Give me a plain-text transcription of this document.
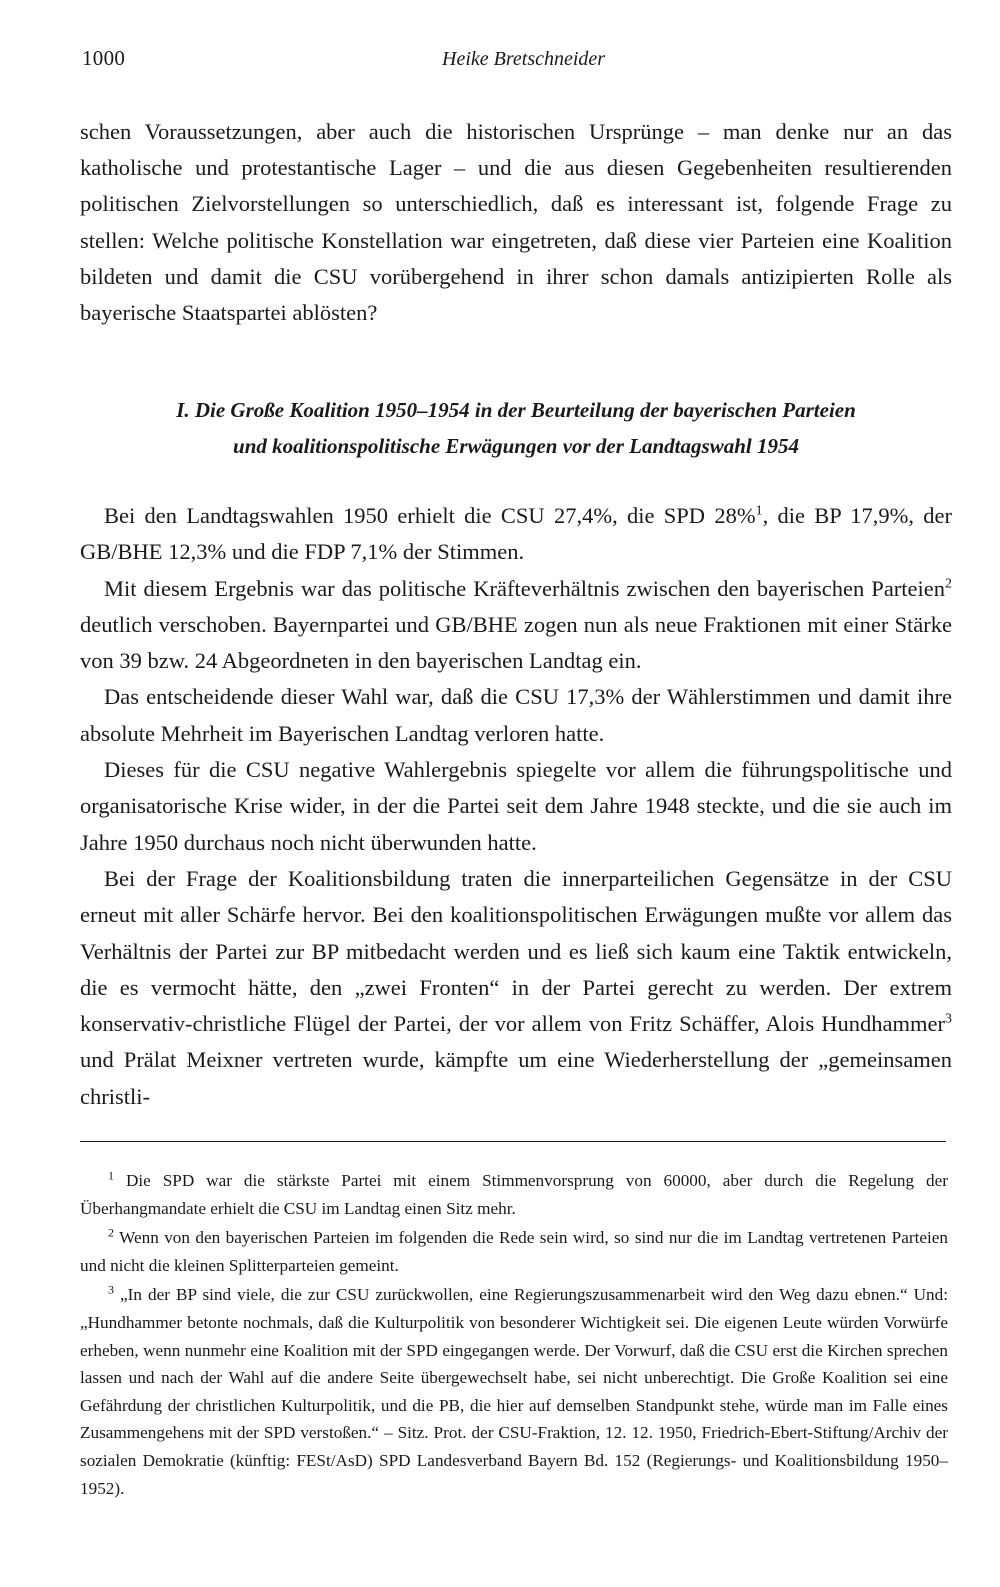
1000	Heike Bretschneider

schen Voraussetzungen, aber auch die historischen Ursprünge – man denke nur an das katholische und protestantische Lager – und die aus diesen Gegebenheiten resultierenden politischen Zielvorstellungen so unterschiedlich, daß es interessant ist, folgende Frage zu stellen: Welche politische Konstellation war eingetreten, daß diese vier Parteien eine Koalition bildeten und damit die CSU vorübergehend in ihrer schon damals antizipierten Rolle als bayerische Staatspartei ablösten?

I. Die Große Koalition 1950–1954 in der Beurteilung der bayerischen Parteien
und koalitionspolitische Erwägungen vor der Landtagswahl 1954

Bei den Landtagswahlen 1950 erhielt die CSU 27,4%, die SPD 28%$^1$, die BP 17,9%, der GB/BHE 12,3% und die FDP 7,1% der Stimmen.

Mit diesem Ergebnis war das politische Kräfteverhältnis zwischen den bayerischen Parteien$^2$ deutlich verschoben. Bayernpartei und GB/BHE zogen nun als neue Fraktionen mit einer Stärke von 39 bzw. 24 Abgeordneten in den bayerischen Landtag ein.

Das entscheidende dieser Wahl war, daß die CSU 17,3% der Wählerstimmen und damit ihre absolute Mehrheit im Bayerischen Landtag verloren hatte.

Dieses für die CSU negative Wahlergebnis spiegelte vor allem die führungspolitische und organisatorische Krise wider, in der die Partei seit dem Jahre 1948 steckte, und die sie auch im Jahre 1950 durchaus noch nicht überwunden hatte.

Bei der Frage der Koalitionsbildung traten die innerparteilichen Gegensätze in der CSU erneut mit aller Schärfe hervor. Bei den koalitionspolitischen Erwägungen mußte vor allem das Verhältnis der Partei zur BP mitbedacht werden und es ließ sich kaum eine Taktik entwickeln, die es vermocht hätte, den „zwei Fronten“ in der Partei gerecht zu werden. Der extrem konservativ-christliche Flügel der Partei, der vor allem von Fritz Schäffer, Alois Hundhammer$^3$ und Prälat Meixner vertreten wurde, kämpfte um eine Wiederherstellung der „gemeinsamen christli-

$^1$ Die SPD war die stärkste Partei mit einem Stimmenvorsprung von 60000, aber durch die Regelung der Überhangmandate erhielt die CSU im Landtag einen Sitz mehr.

$^2$ Wenn von den bayerischen Parteien im folgenden die Rede sein wird, so sind nur die im Landtag vertretenen Parteien und nicht die kleinen Splitterparteien gemeint.

$^3$ „In der BP sind viele, die zur CSU zurückwollen, eine Regierungszusammenarbeit wird den Weg dazu ebnen.“ Und: „Hundhammer betonte nochmals, daß die Kulturpolitik von besonderer Wichtigkeit sei. Die eigenen Leute würden Vorwürfe erheben, wenn nunmehr eine Koalition mit der SPD eingegangen werde. Der Vorwurf, daß die CSU erst die Kirchen sprechen lassen und nach der Wahl auf die andere Seite übergewechselt habe, sei nicht unberechtigt. Die Große Koalition sei eine Gefährdung der christlichen Kulturpolitik, und die PB, die hier auf demselben Standpunkt stehe, würde man im Falle eines Zusammengehens mit der SPD verstoßen.“ – Sitz. Prot. der CSU-Fraktion, 12. 12. 1950, Friedrich-Ebert-Stiftung/Archiv der sozialen Demokratie (künftig: FESt/AsD) SPD Landesverband Bayern Bd. 152 (Regierungs- und Koalitionsbildung 1950–1952).
